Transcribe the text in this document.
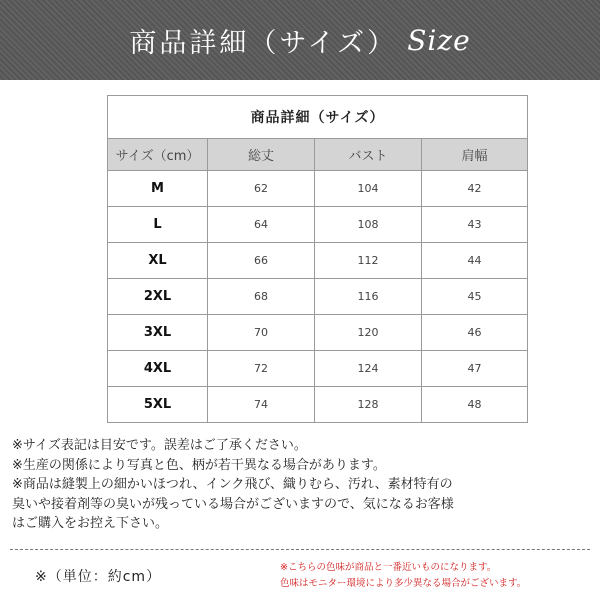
商品詳細（サイズ） Size
商品詳細（サイズ）			
サイズ（cm）	総丈	バスト	肩幅
M	62	104	42
L	64	108	43
XL	66	112	44
2XL	68	116	45
3XL	70	120	46
4XL	72	124	47
5XL	74	128	48

※サイズ表記は目安です。誤差はご了承ください。

※生産の関係により写真と色、柄が若干異なる場合があります。

※商品は縫製上の細かいほつれ、インク飛び、織りむら、汚れ、素材特有の

臭いや接着剤等の臭いが残っている場合がございますので、気になるお客様

はご購入をお控え下さい。

※（単位：約cm）

※こちらの色味が商品と一番近いものになります。

色味はモニター環境により多少異なる場合がございます。
